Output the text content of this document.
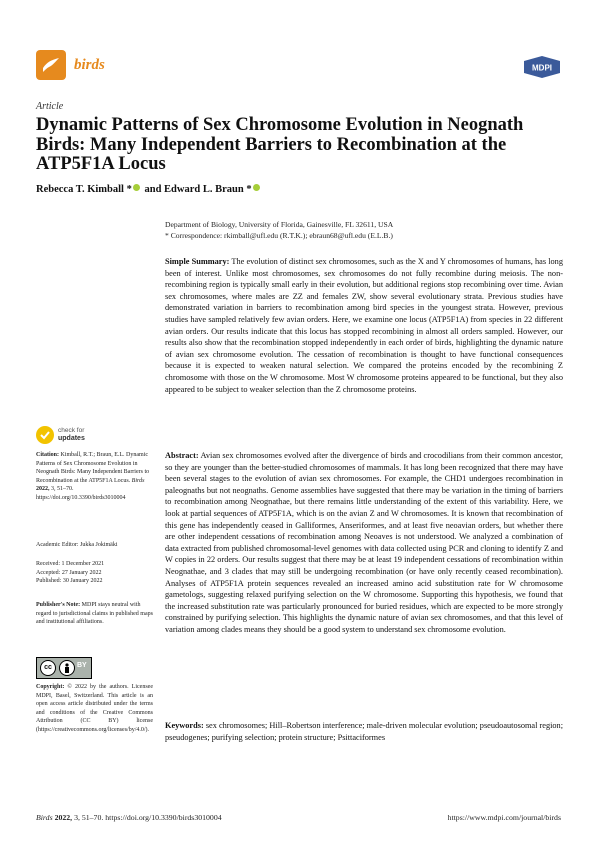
birds	MDPI
Article
Dynamic Patterns of Sex Chromosome Evolution in Neognath Birds: Many Independent Barriers to Recombination at the ATP5F1A Locus
Rebecca T. Kimball * and Edward L. Braun *
Department of Biology, University of Florida, Gainesville, FL 32611, USA
* Correspondence: rkimball@ufl.edu (R.T.K.); ebraun68@ufl.edu (E.L.B.)
Simple Summary: The evolution of distinct sex chromosomes, such as the X and Y chromosomes of humans, has long been of interest. Unlike most chromosomes, sex chromosomes do not fully recombine during meiosis. The non-recombining region is typically small early in their evolution, but additional regions stop recombining over time. Avian sex chromosomes, where males are ZZ and females ZW, show several evolutionary strata. Previous studies have demonstrated variation in barriers to recombination among bird species in the youngest strata. However, previous studies have sampled relatively few avian orders. Here, we examine one locus (ATP5F1A) from species in 22 different avian orders. Our results indicate that this locus has stopped recombining in almost all orders sampled. However, our results also show that the recombination stopped independently in each order of birds, highlighting the dynamic nature of avian sex chromosome evolution. The cessation of recombination is thought to have functional consequences because it is expected to weaken natural selection. We compared the proteins encoded by the recombining Z chromosome with those on the W chromosome. Most W chromosome proteins appeared to be functional, but they also appeared to be subject to weaker selection than the Z chromosome proteins.
Abstract: Avian sex chromosomes evolved after the divergence of birds and crocodilians from their common ancestor, so they are younger than the better-studied chromosomes of mammals. It has long been recognized that there may have been several stages to the evolution of avian sex chromosomes. For example, the CHD1 undergoes recombination in paleognaths but not neognaths. Genome assemblies have suggested that there may be variation in the timing of barriers to recombination among Neognathae, but there remains little understanding of the extent of this variability. Here, we look at partial sequences of ATP5F1A, which is on the avian Z and W chromosomes. It is known that recombination of this gene has independently ceased in Galliformes, Anseriformes, and at least five neoavian orders, but whether there are other independent cessations of recombination among Neoaves is not understood. We analyzed a combination of data extracted from published chromosomal-level genomes with data collected using PCR and cloning to identify Z and W copies in 22 orders. Our results suggest that there may be at least 19 independent cessations of recombination within Neognathae, and 3 clades that may still be undergoing recombination (or have only recently ceased recombination). Analyses of ATP5F1A protein sequences revealed an increased amino acid substitution rate for W chromosome gametologs, suggesting relaxed purifying selection on the W chromosome. Supporting this hypothesis, we found that the increased substitution rate was particularly pronounced for buried residues, which are expected to be more strongly constrained by purifying selection. This highlights the dynamic nature of avian sex chromosomes, and that this level of variation among clades means they should be a good system to understand sex chromosome evolution.
Keywords: sex chromosomes; Hill–Robertson interference; male-driven molecular evolution; pseudoautosomal region; pseudogenes; purifying selection; protein structure; Psittaciformes
check for
updates
Citation: Kimball, R.T.; Braun, E.L. Dynamic Patterns of Sex Chromosome Evolution in Neognath Birds: Many Independent Barriers to Recombination at the ATP5F1A Locus. Birds 2022, 3, 51–70. https://doi.org/10.3390/birds3010004
Academic Editor: Jukka Jokimäki
Received: 1 December 2021
Accepted: 27 January 2022
Published: 30 January 2022
Publisher's Note: MDPI stays neutral with regard to jurisdictional claims in published maps and institutional affiliations.
cc	BY
Copyright: © 2022 by the authors. Licensee MDPI, Basel, Switzerland. This article is an open access article distributed under the terms and conditions of the Creative Commons Attribution (CC BY) license (https://creativecommons.org/licenses/by/4.0/).
Birds 2022, 3, 51–70. https://doi.org/10.3390/birds3010004	https://www.mdpi.com/journal/birds
